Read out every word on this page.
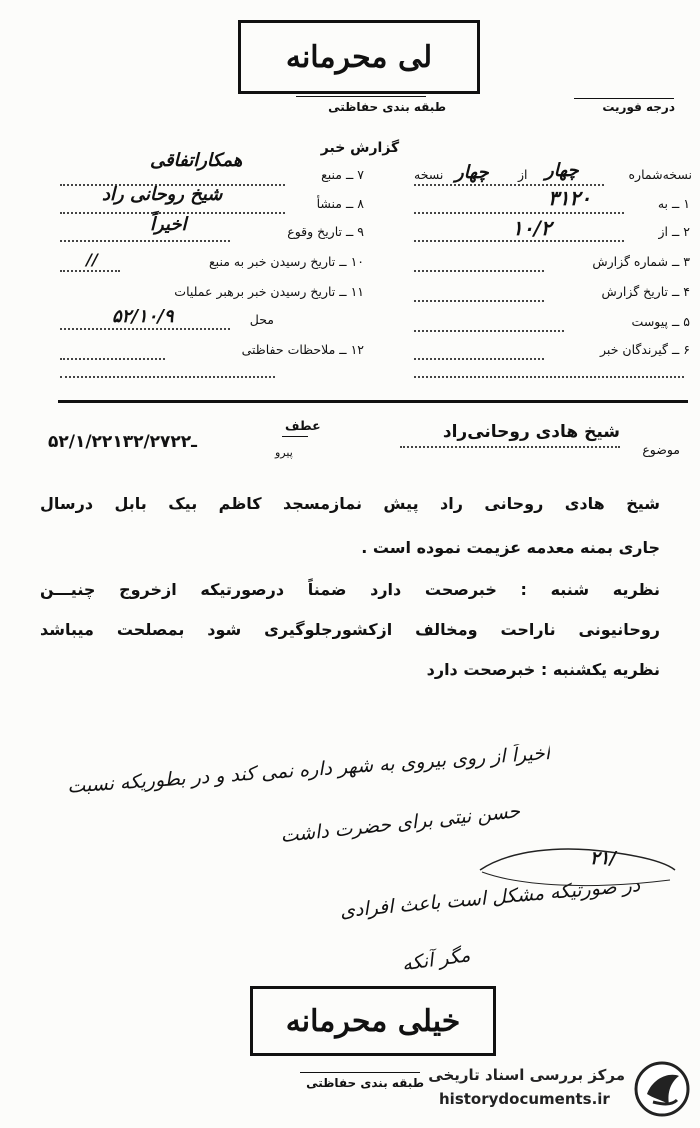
لی محرمانه
طبقه بندی حفاظتی	درجه فوریت
گزارش خبر
نسخه‌شماره
چهار
از
چهار
نسخه
۱ ــ به
۳۱۲۰
۲ ــ از
۱۰/۲
۳ ــ شماره گزارش
۴ ــ تاریخ گزارش
۵ ــ پیوست
۶ ــ گیرندگان خبر
۷ ــ منبع
همکاراتفاقی
۸ ــ منشأ
شیخ روحانی راد
۹ ــ تاریخ وقوع
اخیراً
۱۰ ــ تاریخ رسیدن خبر به منبع
//
۱۱ ــ تاریخ رسیدن خبر برهبر عملیات
محل
۵۲/۱۰/۹
۱۲ ــ ملاحظات حفاظتی
موضوع
شیخ هادی روحانی‌راد
عطف
پیرو
۵۲/۱/۲۲ـ۱۳۲/۲۷۲۲
شیخ هادی روحانی راد پیش نمازمسجد کاظم بیک بابل درسال
جاری بمنه معدمه عزیمت نموده است .
نظریه شنبه : خبرصحت دارد ضمناً درصورتیکه ازخروج چنیـــن
روحانیونی ناراحت ومخالف ازکشورجلوگیری شود بمصلحت میباشد
نظریه یکشنبه : خبرصحت دارد
اخیراً از روی بیروی به شهر داره نمی کند و در بطوریکه نسبت
حسن نیتی برای حضرت داشت
در صورتیکه مشکل است باعث افرادی
مگر آنکه
۲۱/
خیلی محرمانه
طبقه بندی حفاظتی مرکز بررسی اسناد تاریخی
historydocuments.ir
